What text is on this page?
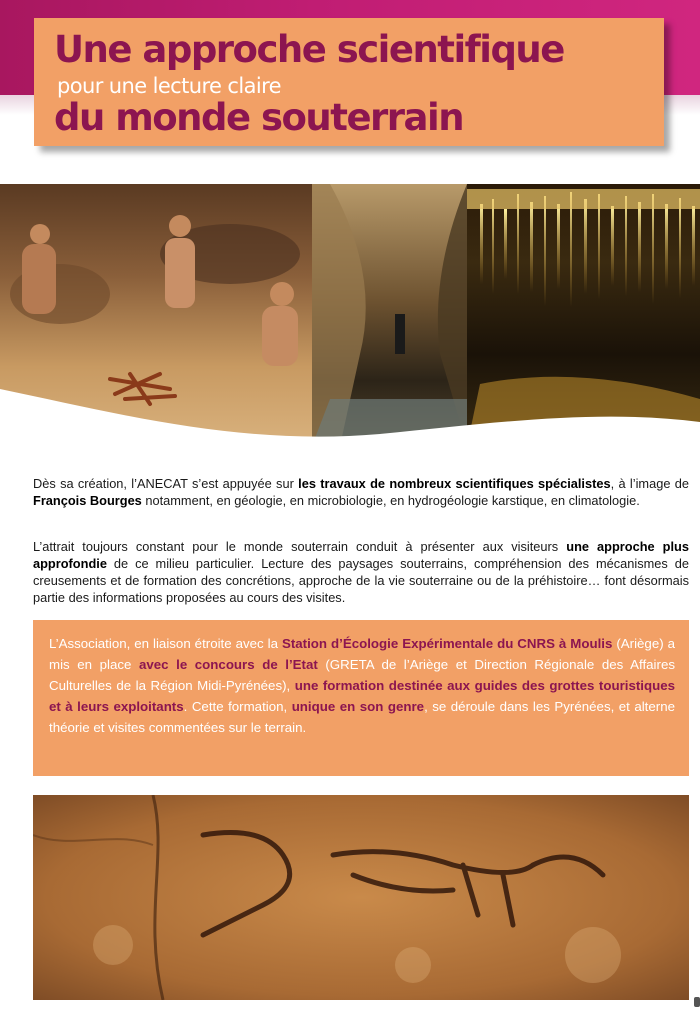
Une approche scientifique
pour une lecture claire
du monde souterrain
Dès sa création, l’ANECAT s’est appuyée sur les travaux de nombreux scientifiques spécialistes, à l’image de François Bourges notamment, en géologie, en microbiologie, en hydrogéologie karstique, en climatologie.
L’attrait toujours constant pour le monde souterrain conduit à présenter aux visiteurs une approche plus approfondie de ce milieu particulier. Lecture des paysages souterrains, compréhension des mécanismes de creusements et de formation des concrétions, approche de la vie souterraine ou de la préhistoire… font désormais partie des informations proposées au cours des visites.
L’Association, en liaison étroite avec la Station d’Écologie Expérimentale du CNRS à Moulis (Ariège) a mis en place avec le concours de l’Etat (GRETA de l’Ariège et Direction Régionale des Affaires Culturelles de la Région Midi-Pyrénées), une formation destinée aux guides des grottes touristiques et à leurs exploitants. Cette formation, unique en son genre, se déroule dans les Pyrénées, et alterne théorie et visites commentées sur le terrain.
